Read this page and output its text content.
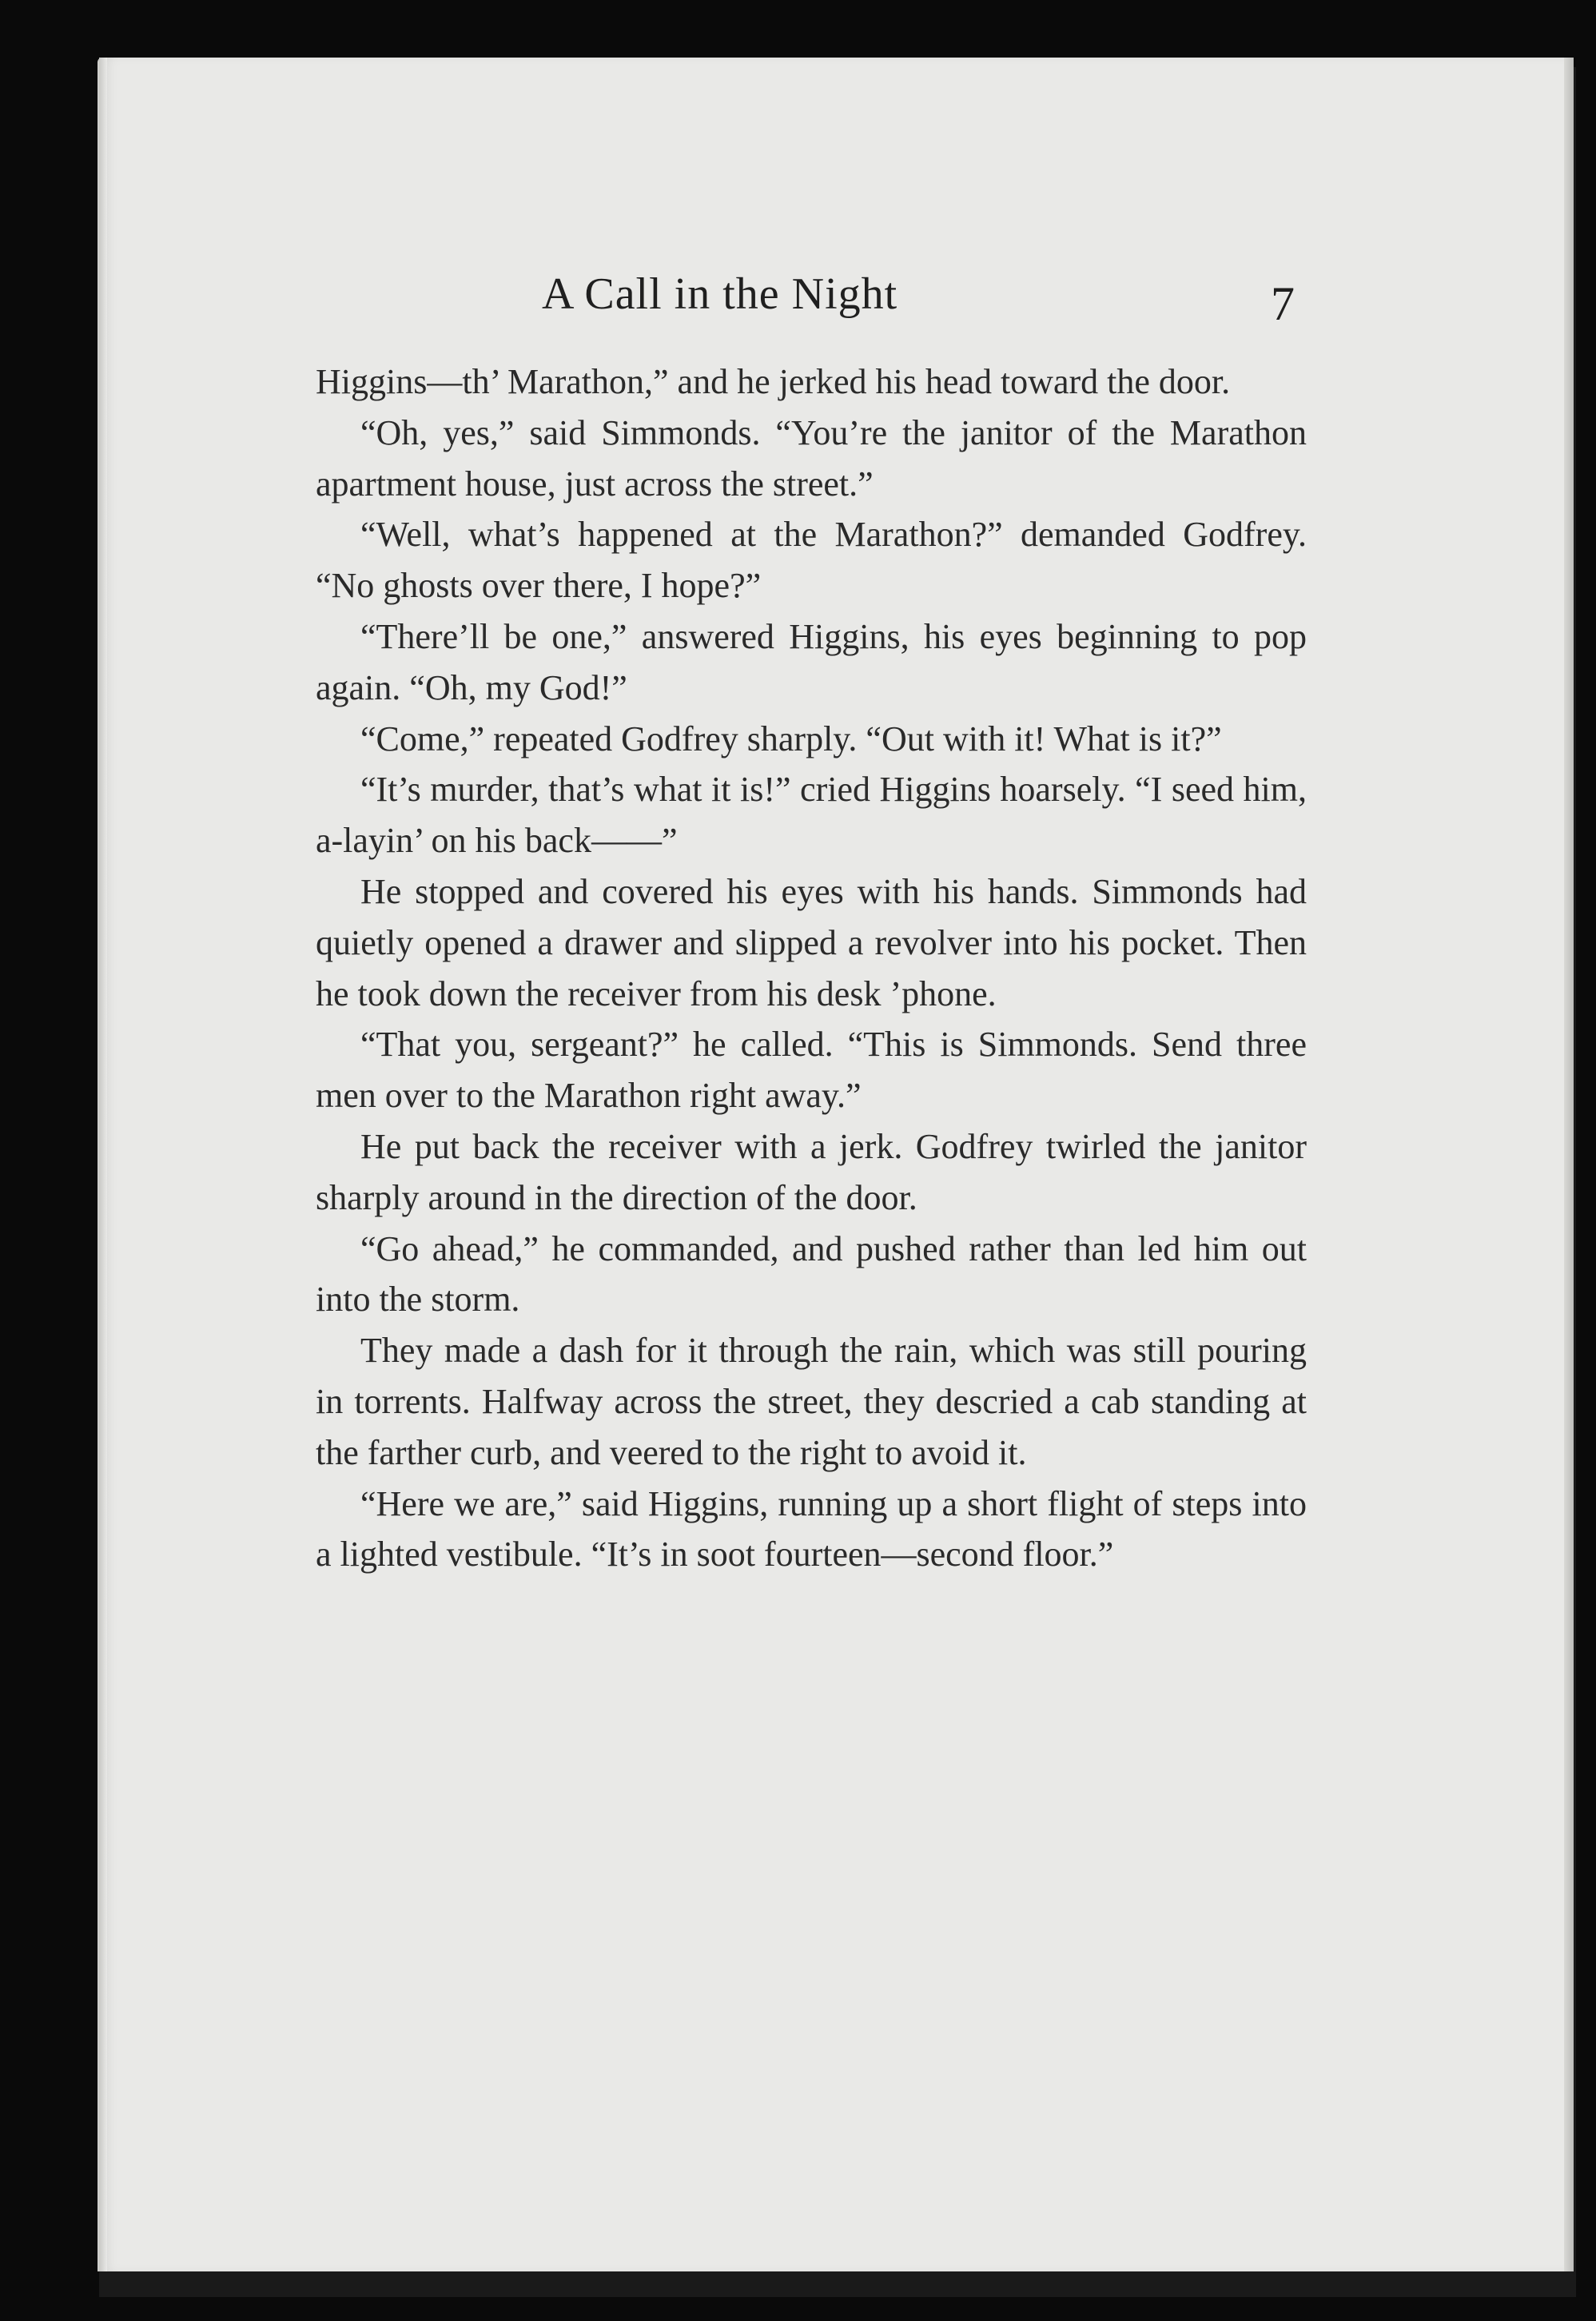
A Call in the Night	7

Higgins—th’ Marathon,” and he jerked his head toward the door.

“Oh, yes,” said Simmonds. “You’re the janitor of the Marathon apartment house, just across the street.”

“Well, what’s happened at the Marathon?” demanded Godfrey. “No ghosts over there, I hope?”

“There’ll be one,” answered Higgins, his eyes beginning to pop again. “Oh, my God!”

“Come,” repeated Godfrey sharply. “Out with it! What is it?”

“It’s murder, that’s what it is!” cried Higgins hoarsely. “I seed him, a-layin’ on his back——”

He stopped and covered his eyes with his hands. Simmonds had quietly opened a drawer and slipped a revolver into his pocket. Then he took down the receiver from his desk ’phone.

“That you, sergeant?” he called. “This is Simmonds. Send three men over to the Marathon right away.”

He put back the receiver with a jerk. Godfrey twirled the janitor sharply around in the direction of the door.

“Go ahead,” he commanded, and pushed rather than led him out into the storm.

They made a dash for it through the rain, which was still pouring in torrents. Halfway across the street, they descried a cab standing at the farther curb, and veered to the right to avoid it.

“Here we are,” said Higgins, running up a short flight of steps into a lighted vestibule. “It’s in soot fourteen—second floor.”
